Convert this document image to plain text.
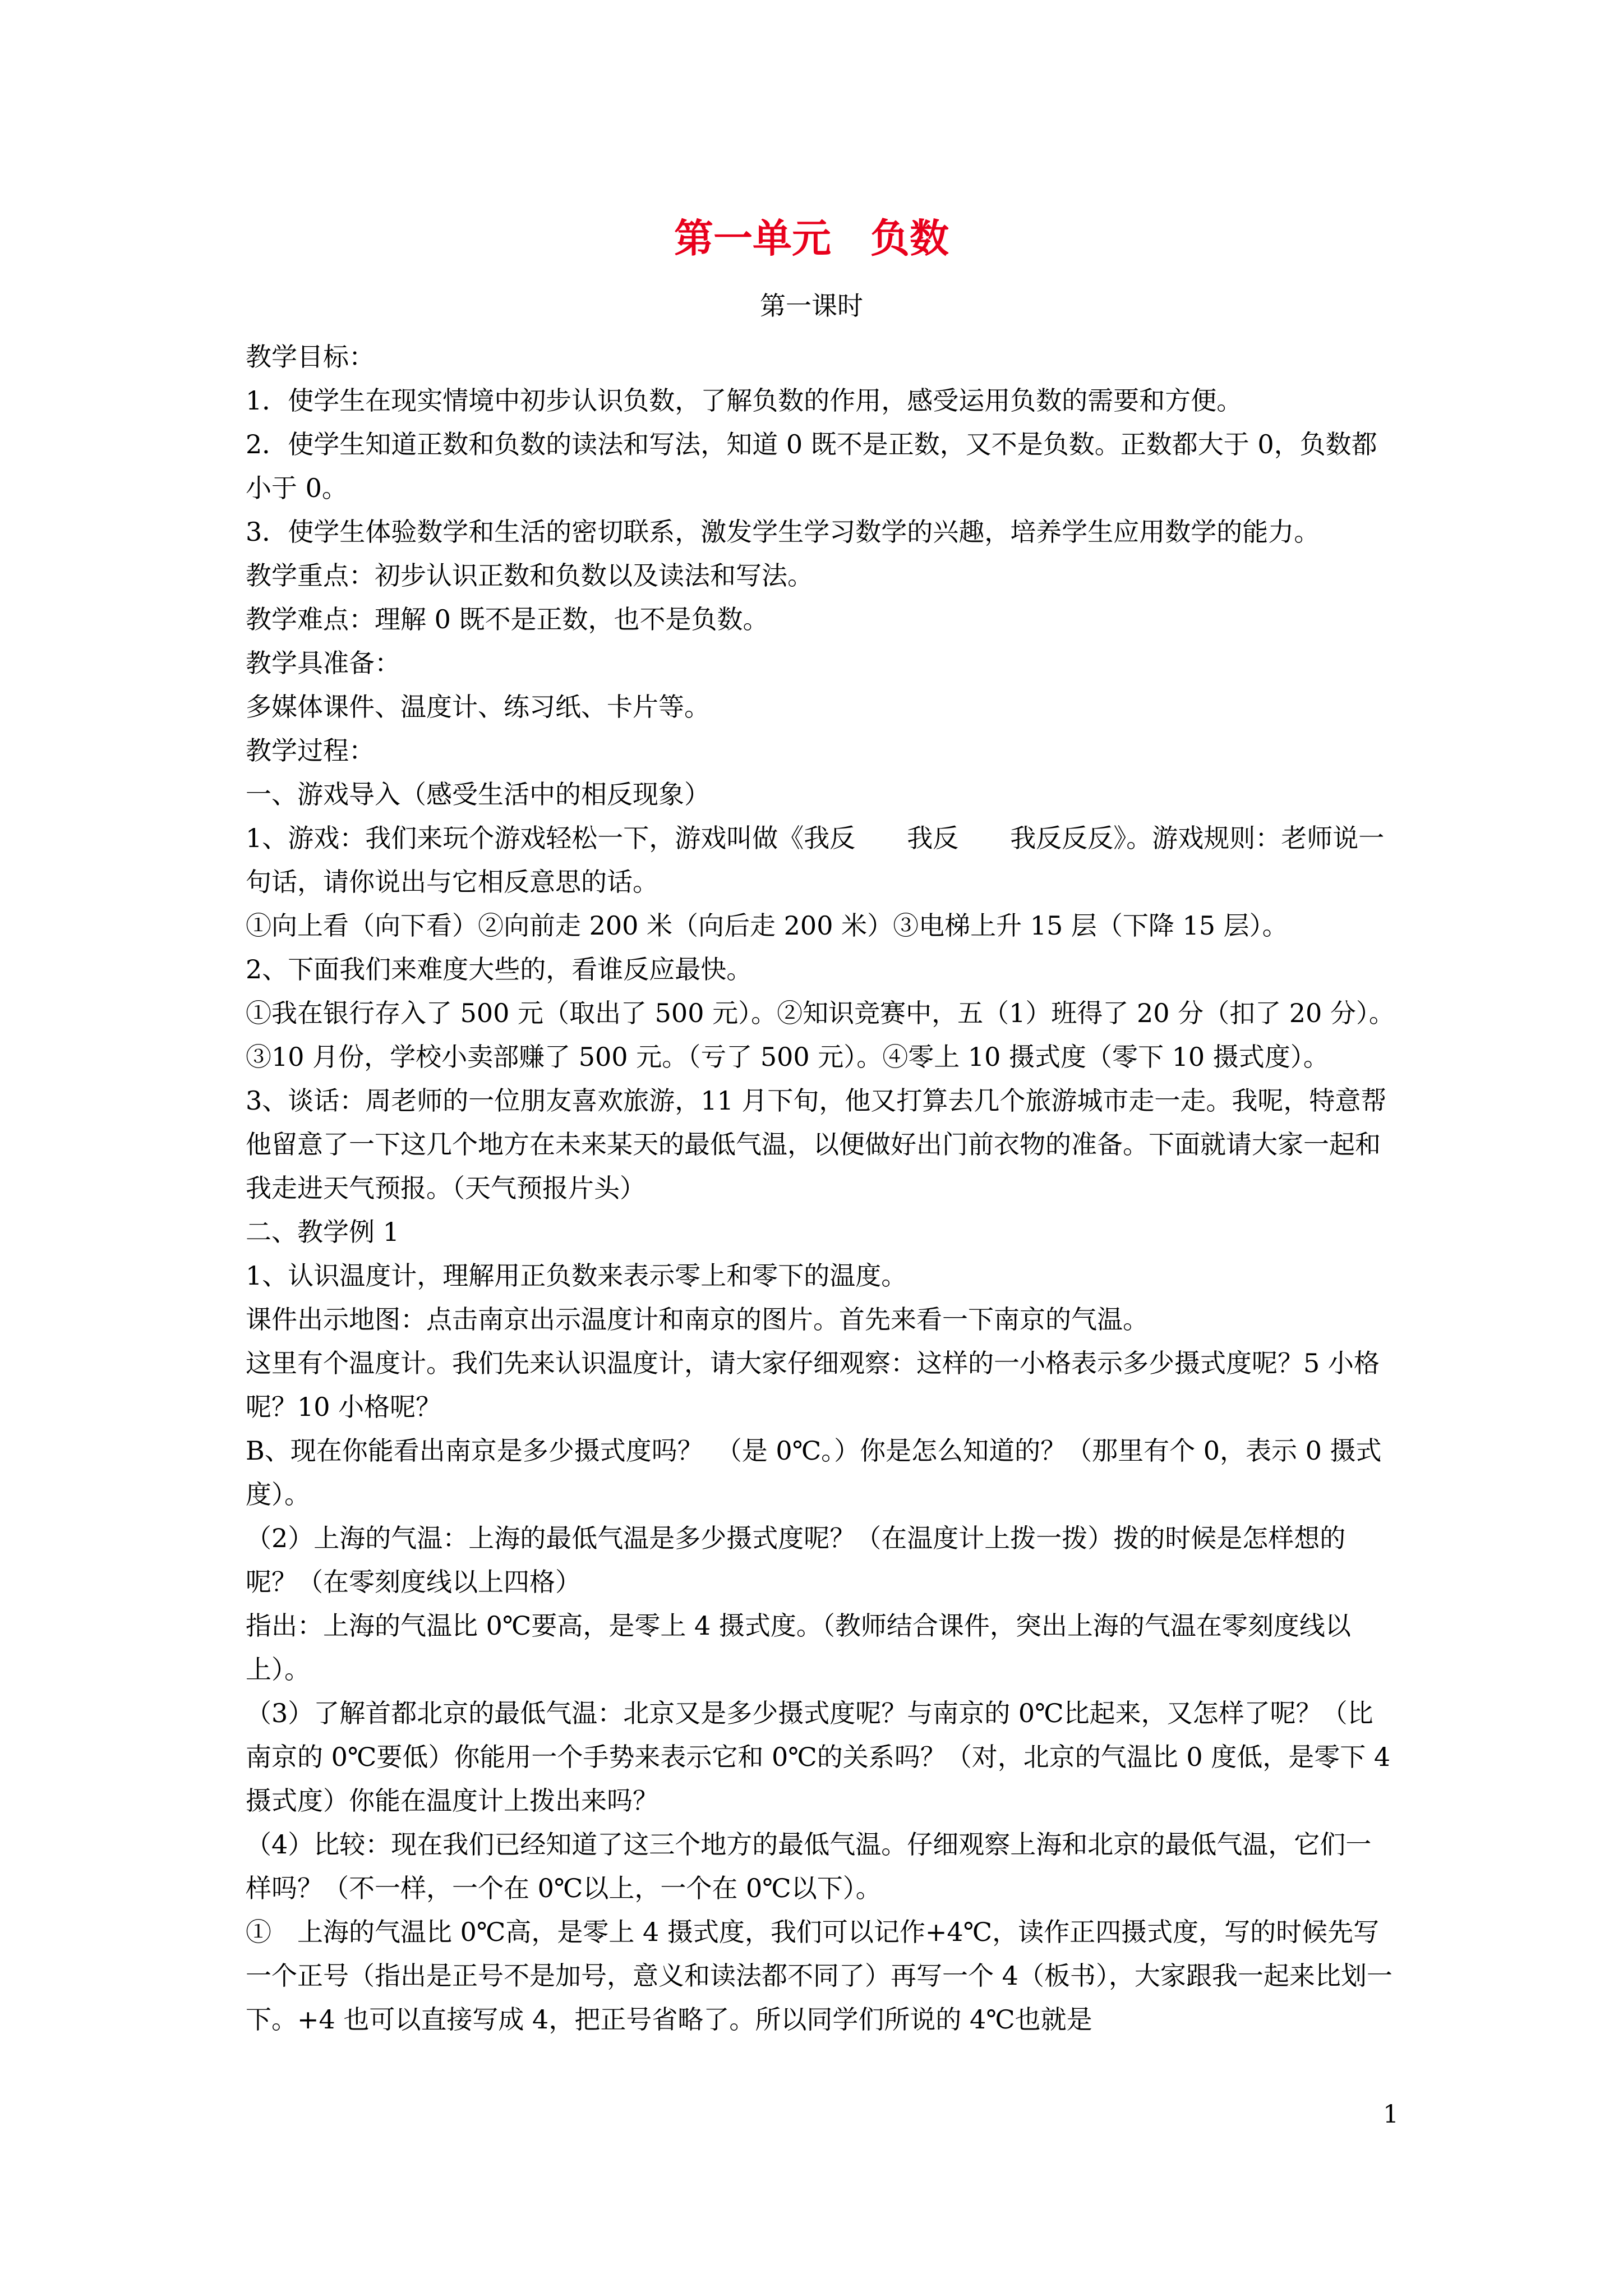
第一单元　负数
第一课时

教学目标：

1．使学生在现实情境中初步认识负数，了解负数的作用，感受运用负数的需要和方便。

2．使学生知道正数和负数的读法和写法，知道 0 既不是正数，又不是负数。正数都大于 0，负数都小于 0。

3．使学生体验数学和生活的密切联系，激发学生学习数学的兴趣，培养学生应用数学的能力。

教学重点：初步认识正数和负数以及读法和写法。

教学难点：理解 0 既不是正数，也不是负数。

教学具准备：

多媒体课件、温度计、练习纸、卡片等。

教学过程：

一、游戏导入（感受生活中的相反现象）

1、游戏：我们来玩个游戏轻松一下，游戏叫做《我反　　我反　　我反反反》。游戏规则：老师说一句话，请你说出与它相反意思的话。

①向上看（向下看）②向前走 200 米（向后走 200 米）③电梯上升 15 层（下降 15 层）。

2、下面我们来难度大些的，看谁反应最快。

①我在银行存入了 500 元（取出了 500 元）。②知识竞赛中，五（1）班得了 20 分（扣了 20 分）。

③10 月份，学校小卖部赚了 500 元。（亏了 500 元）。④零上 10 摄式度（零下 10 摄式度）。

3、谈话：周老师的一位朋友喜欢旅游，11 月下旬，他又打算去几个旅游城市走一走。我呢，特意帮他留意了一下这几个地方在未来某天的最低气温，以便做好出门前衣物的准备。下面就请大家一起和我走进天气预报。（天气预报片头）

二、教学例 1

1、认识温度计，理解用正负数来表示零上和零下的温度。

课件出示地图：点击南京出示温度计和南京的图片。首先来看一下南京的气温。

这里有个温度计。我们先来认识温度计，请大家仔细观察：这样的一小格表示多少摄式度呢？5 小格呢？10 小格呢？

B、现在你能看出南京是多少摄式度吗？　（是 0℃。）你是怎么知道的？（那里有个 0，表示 0 摄式度）。

（2）上海的气温：上海的最低气温是多少摄式度呢？（在温度计上拨一拨）拨的时候是怎样想的呢？（在零刻度线以上四格）

指出：上海的气温比 0℃要高，是零上 4 摄式度。（教师结合课件，突出上海的气温在零刻度线以上）。

（3）了解首都北京的最低气温：北京又是多少摄式度呢？与南京的 0℃比起来，又怎样了呢？（比南京的 0℃要低）你能用一个手势来表示它和 0℃的关系吗？（对，北京的气温比 0 度低，是零下 4 摄式度）你能在温度计上拨出来吗？

（4）比较：现在我们已经知道了这三个地方的最低气温。仔细观察上海和北京的最低气温，它们一样吗？（不一样，一个在 0℃以上，一个在 0℃以下）。

①　上海的气温比 0℃高，是零上 4 摄式度，我们可以记作+4℃，读作正四摄式度，写的时候先写一个正号（指出是正号不是加号，意义和读法都不同了）再写一个 4（板书），大家跟我一起来比划一下。+4 也可以直接写成 4，把正号省略了。所以同学们所说的 4℃也就是

1
